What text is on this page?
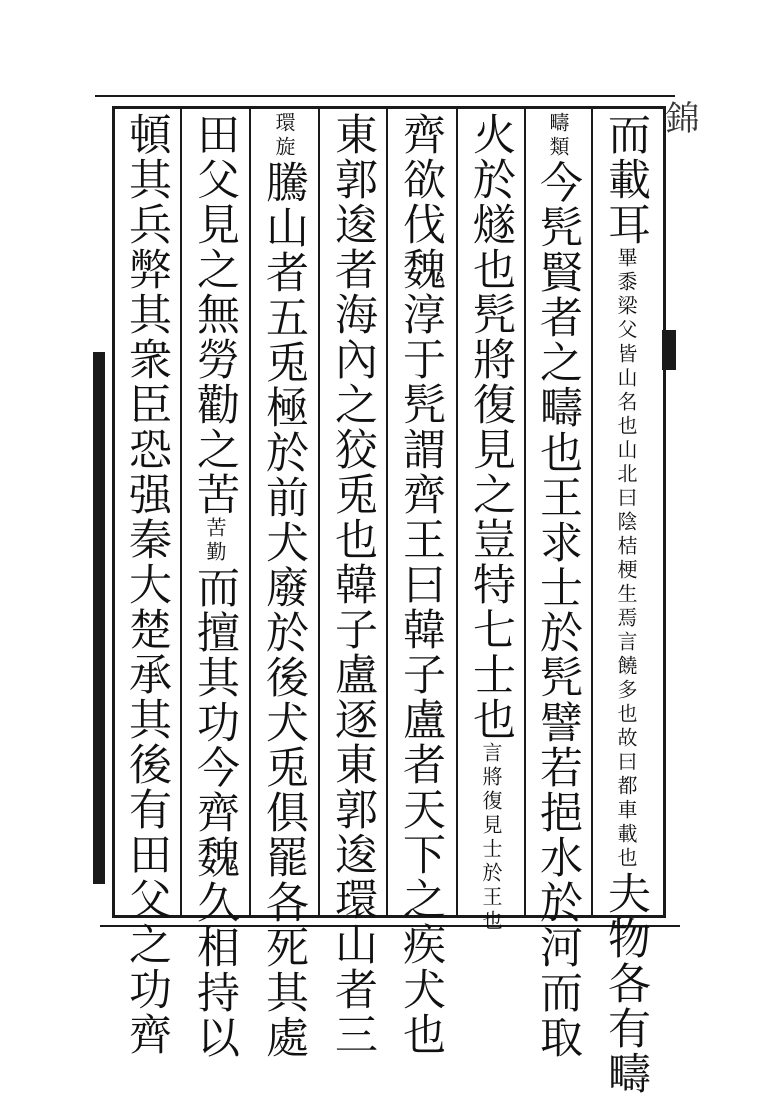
錦
而載耳畢黍梁父皆山名也山北曰陰桔梗生焉言饒多也故曰都車載也夫物各有疇
疇類今髠賢者之疇也王求士於髠譬若挹水於河而取
火於燧也髠將復見之豈特七士也言將復見士於王也
齊欲伐魏淳于髠謂齊王曰韓子盧者天下之疾犬也
東郭逡者海內之狡兎也韓子盧逐東郭逡環山者三
環旋騰山者五兎極於前犬廢於後犬兎俱罷各死其處
田父見之無勞勸之苦苦勤而擅其功今齊魏久相持以
頓其兵弊其衆臣恐强秦大楚承其後有田父之功齊
